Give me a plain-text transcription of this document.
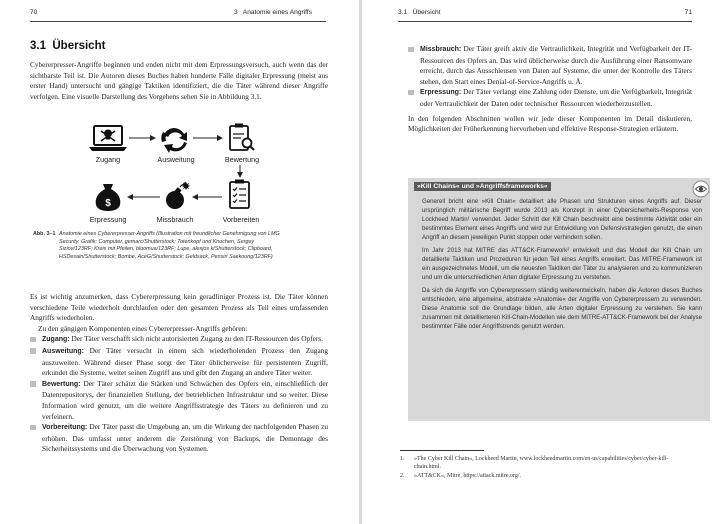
70	3   Anatomie eines Angriffs
3.1  Übersicht
Cybererpresser-Angriffe beginnen und enden nicht mit dem Erpressungsversuch, auch wenn das der sichtbarste Teil ist. Die Autoren dieses Buches haben hunderte Fälle digitaler Erpressung (meist aus erster Hand) untersucht und gängige Taktiken identifiziert, die die Täter während dieser Angriffe verfolgen. Eine visuelle Darstellung des Vorgehens sehen Sie in Abbildung 3.1.
$
Zugang	Ausweitung	Bewertung
Erpressung	Missbrauch	Vorbereiten
Abb. 3–1 Anatomie eines Cybererpresser-Angriffs (Illustration mit freundlicher Genehmigung von LMG Security. Grafik: Computer, gemarc/Shutterstock; Totenkopf und Knochen, Sergey Siziov/123RF; Kreis mit Pfeilen, bloomua/123RF; Lupe, alexjos k/Shutterstock; Clipboard, HSDesain/Shutterstock; Bombe, AcéG/Shutterstock; Geldsack, Pensiri Saekoung/123RF)

Es ist wichtig anzumerken, dass Cybererpressung kein geradliniger Prozess ist. Die Täter können verschiedene Teile wiederholt durchlaufen oder den gesamten Prozess als Teil eines umfassenden Angriffs wiederholen.

Zu den gängigen Komponenten eines Cybererpresser-Angriffs gehören:

Zugang: Der Täter verschafft sich nicht autorisierten Zugang zu den IT-Ressourcen des Opfers.
Ausweitung: Der Täter versucht in einem sich wiederholenden Prozess den Zugang auszuweiten. Während dieser Phase sorgt der Täter üblicherweise für persistenten Zugriff, erkundet die Systeme, weitet seinen Zugriff aus und gibt den Zugang an andere Täter weiter.
Bewertung: Der Täter schätzt die Stärken und Schwächen des Opfers ein, einschließlich der Datenrepositorys, der finanziellen Stellung, der betrieblichen Infrastruktur und so weiter. Diese Information wird genutzt, um die weitere Angriffsstrategie des Täters zu definieren und zu verfeinern.
Vorbereitung: Der Täter passt die Umgebung an, um die Wirkung der nachfolgenden Phasen zu erhöhen. Das umfasst unter anderem die Zerstörung von Backups, die Demontage des Sicherheitssystems und die Überwachung von Systemen.
3.1   Übersicht	71
Missbrauch: Der Täter greift aktiv die Vertraulichkeit, Integrität und Verfügbarkeit der IT-Ressourcen des Opfers an. Das wird üblicherweise durch die Ausführung einer Ransomware erreicht, durch das Ausschleusen von Daten auf Systeme, die unter der Kontrolle des Täters stehen, den Start eines Denial-of-Service-Angriffs u. Ä.
Erpressung: Der Täter verlangt eine Zahlung oder Dienste, um die Verfügbarkeit, Integrität oder Vertraulichkeit der Daten oder technischer Ressourcen wiederherzustellen.

In den folgenden Abschnitten wollen wir jede dieser Komponenten im Detail diskutieren, Möglichkeiten der Früherkennung hervorheben und effektive Response-Strategien erläutern.

»Kill Chains« und »Angriffsframeworks«

Generell bricht eine »Kill Chain« detailliert alle Phasen und Strukturen eines Angriffs auf. Dieser ursprünglich militärische Begriff wurde 2013 als Konzept in einer Cybersicherheits-Response von Lockheed Martin¹ verwendet. Jeder Schritt der Kill Chain beschreibt eine bestimmte Aktivität oder ein bestimmtes Element eines Angriffs und wird zur Entwicklung von Defensivstrategien genutzt, die einen Angriff an diesem jeweiligen Punkt stoppen oder verhindern sollen.

Im Jahr 2013 hat MITRE das ATT&CK-Framework² entwickelt und das Modell der Kill Chain um detaillierte Taktiken und Prozeduren für jeden Teil eines Angriffs erweitert. Das MITRE-Framework ist ein ausgezeichnetes Modell, um die neuesten Taktiken der Täter zu analysieren und zu kommunizieren und um die unterschiedlichen Arten digitaler Erpressung zu verstehen.

Da sich die Angriffe von Cybererpressern ständig weiterentwickeln, haben die Autoren dieses Buches entschieden, eine allgemeine, abstrakte »Anatomie« der Angriffe von Cybererpressern zu verwenden. Diese Anatomie soll die Grundlage bilden, alle Arten digitaler Erpressung zu verstehen. Sie kann zusammen mit detaillierteren Kill-Chain-Modellen wie dem MITRE-ATT&CK-Framework bei der Analyse bestimmter Fälle oder Angriffstrends genutzt werden.

1. »The Cyber Kill Chain«, Lockheed Martin, www.lockheedmartin.com/en-us/capabilities/cyber/cyber-kill-chain.html.
2. »ATT&CK«, Mitre, https://attack.mitre.org/.
